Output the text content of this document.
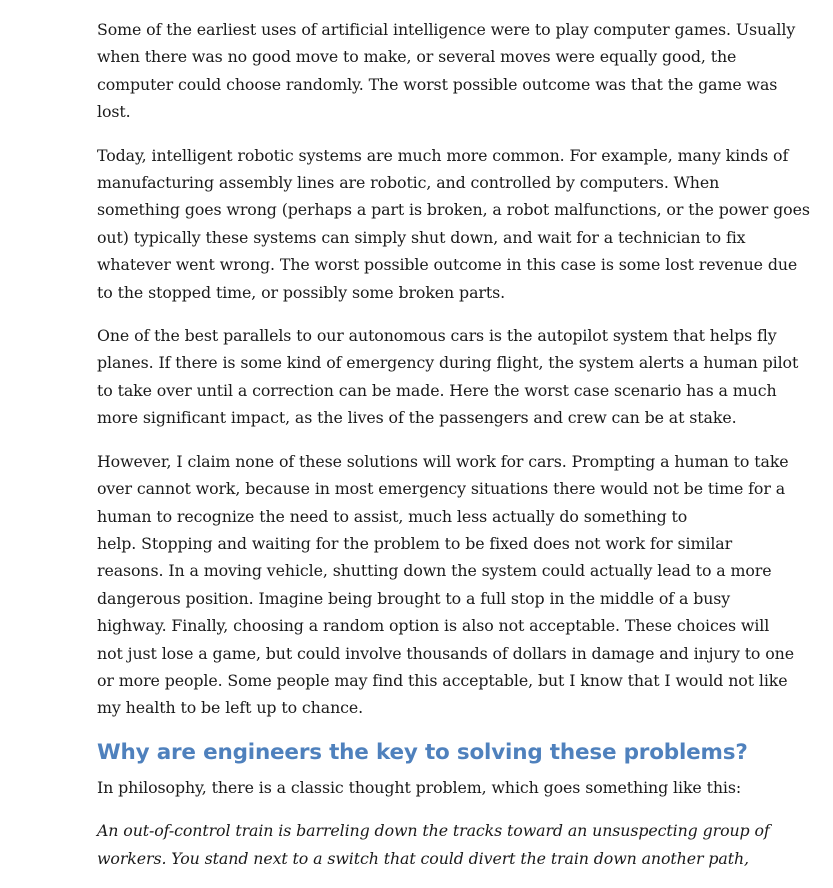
Some of the earliest uses of artificial intelligence were to play computer games. Usually
when there was no good move to make, or several moves were equally good, the
computer could choose randomly. The worst possible outcome was that the game was
lost.

Today, intelligent robotic systems are much more common. For example, many kinds of
manufacturing assembly lines are robotic, and controlled by computers. When
something goes wrong (perhaps a part is broken, a robot malfunctions, or the power goes
out) typically these systems can simply shut down, and wait for a technician to fix
whatever went wrong. The worst possible outcome in this case is some lost revenue due
to the stopped time, or possibly some broken parts.

One of the best parallels to our autonomous cars is the autopilot system that helps fly
planes. If there is some kind of emergency during flight, the system alerts a human pilot
to take over until a correction can be made. Here the worst case scenario has a much
more significant impact, as the lives of the passengers and crew can be at stake.

However, I claim none of these solutions will work for cars. Prompting a human to take
over cannot work, because in most emergency situations there would not be time for a
human to recognize the need to assist, much less actually do something to
help. Stopping and waiting for the problem to be fixed does not work for similar
reasons. In a moving vehicle, shutting down the system could actually lead to a more
dangerous position. Imagine being brought to a full stop in the middle of a busy
highway. Finally, choosing a random option is also not acceptable. These choices will
not just lose a game, but could involve thousands of dollars in damage and injury to one
or more people. Some people may find this acceptable, but I know that I would not like
my health to be left up to chance.

Why are engineers the key to solving these problems?

In philosophy, there is a classic thought problem, which goes something like this:

An out-of-control train is barreling down the tracks toward an unsuspecting group of
workers. You stand next to a switch that could divert the train down another path,
